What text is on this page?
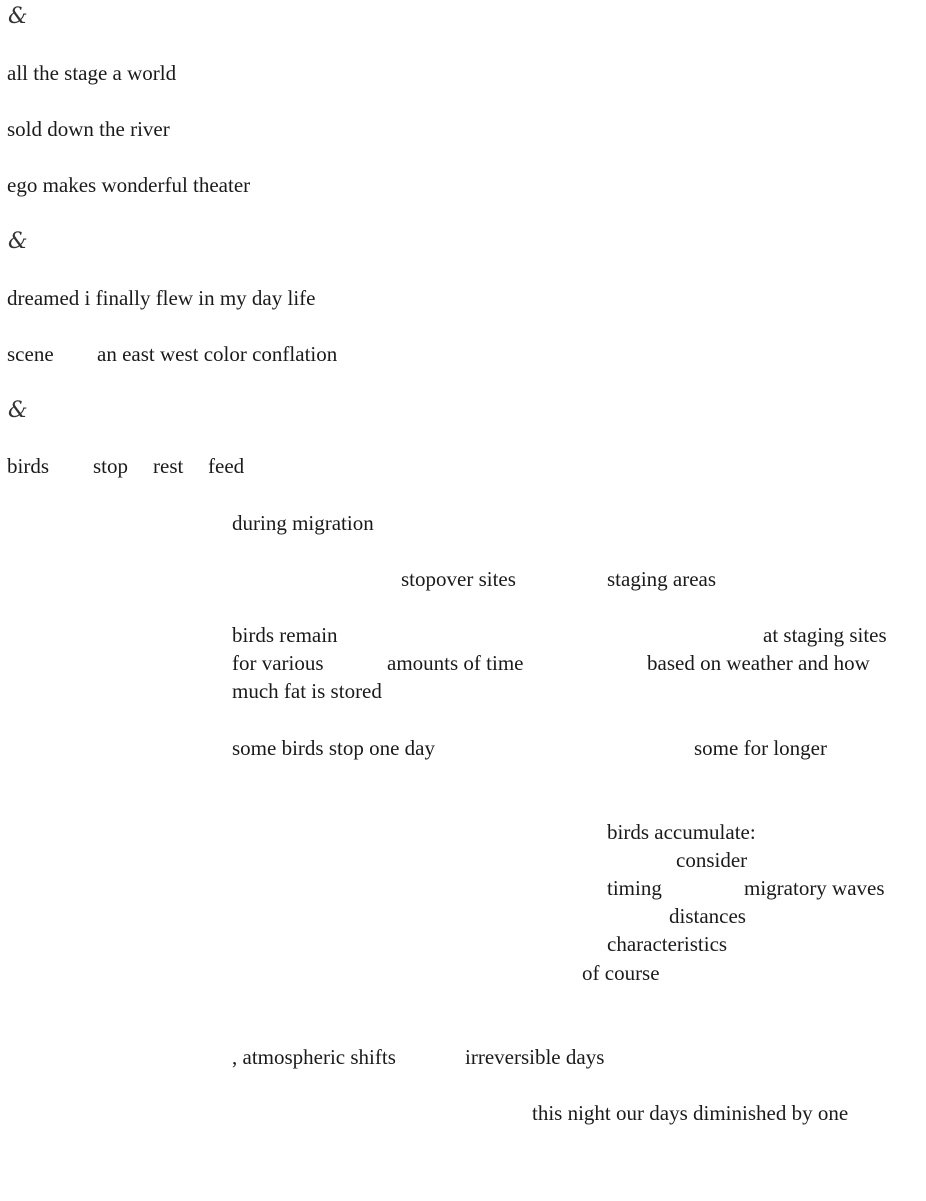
&
all the stage a world
sold down the river
ego makes wonderful theater
&
dreamed i finally flew in my day life
scene an east west color conflation
&
birds stop rest feed
during migration
stopover sites	staging areas
birds remain	at staging sites
for various	amounts of time	based on weather and how
much fat is stored
some birds stop one day	some for longer
birds accumulate:
consider
timing	migratory waves
distances
characteristics
of course
, atmospheric shifts	irreversible days
this night our days diminished by one
